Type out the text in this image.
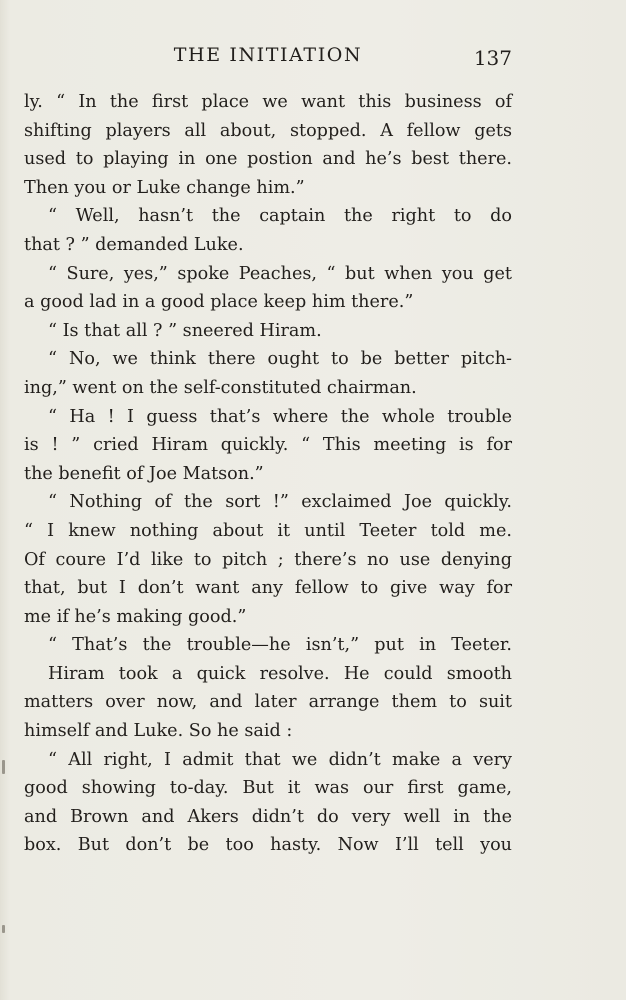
THE INITIATION	137
ly. “ In the first place we want this business of
shifting players all about, stopped. A fellow gets
used to playing in one postion and he’s best there.
Then you or Luke change him.”
“ Well, hasn’t the captain the right to do
that ? ” demanded Luke.
“ Sure, yes,” spoke Peaches, “ but when you get
a good lad in a good place keep him there.”
“ Is that all ? ” sneered Hiram.
“ No, we think there ought to be better pitch-
ing,” went on the self-constituted chairman.
“ Ha ! I guess that’s where the whole trouble
is ! ” cried Hiram quickly. “ This meeting is for
the benefit of Joe Matson.”
“ Nothing of the sort !” exclaimed Joe quickly.
“ I knew nothing about it until Teeter told me.
Of coure I’d like to pitch ; there’s no use denying
that, but I don’t want any fellow to give way for
me if he’s making good.”
“ That’s the trouble—he isn’t,” put in Teeter.
Hiram took a quick resolve. He could smooth
matters over now, and later arrange them to suit
himself and Luke. So he said :
“ All right, I admit that we didn’t make a very
good showing to-day. But it was our first game,
and Brown and Akers didn’t do very well in the
box. But don’t be too hasty. Now I’ll tell you
